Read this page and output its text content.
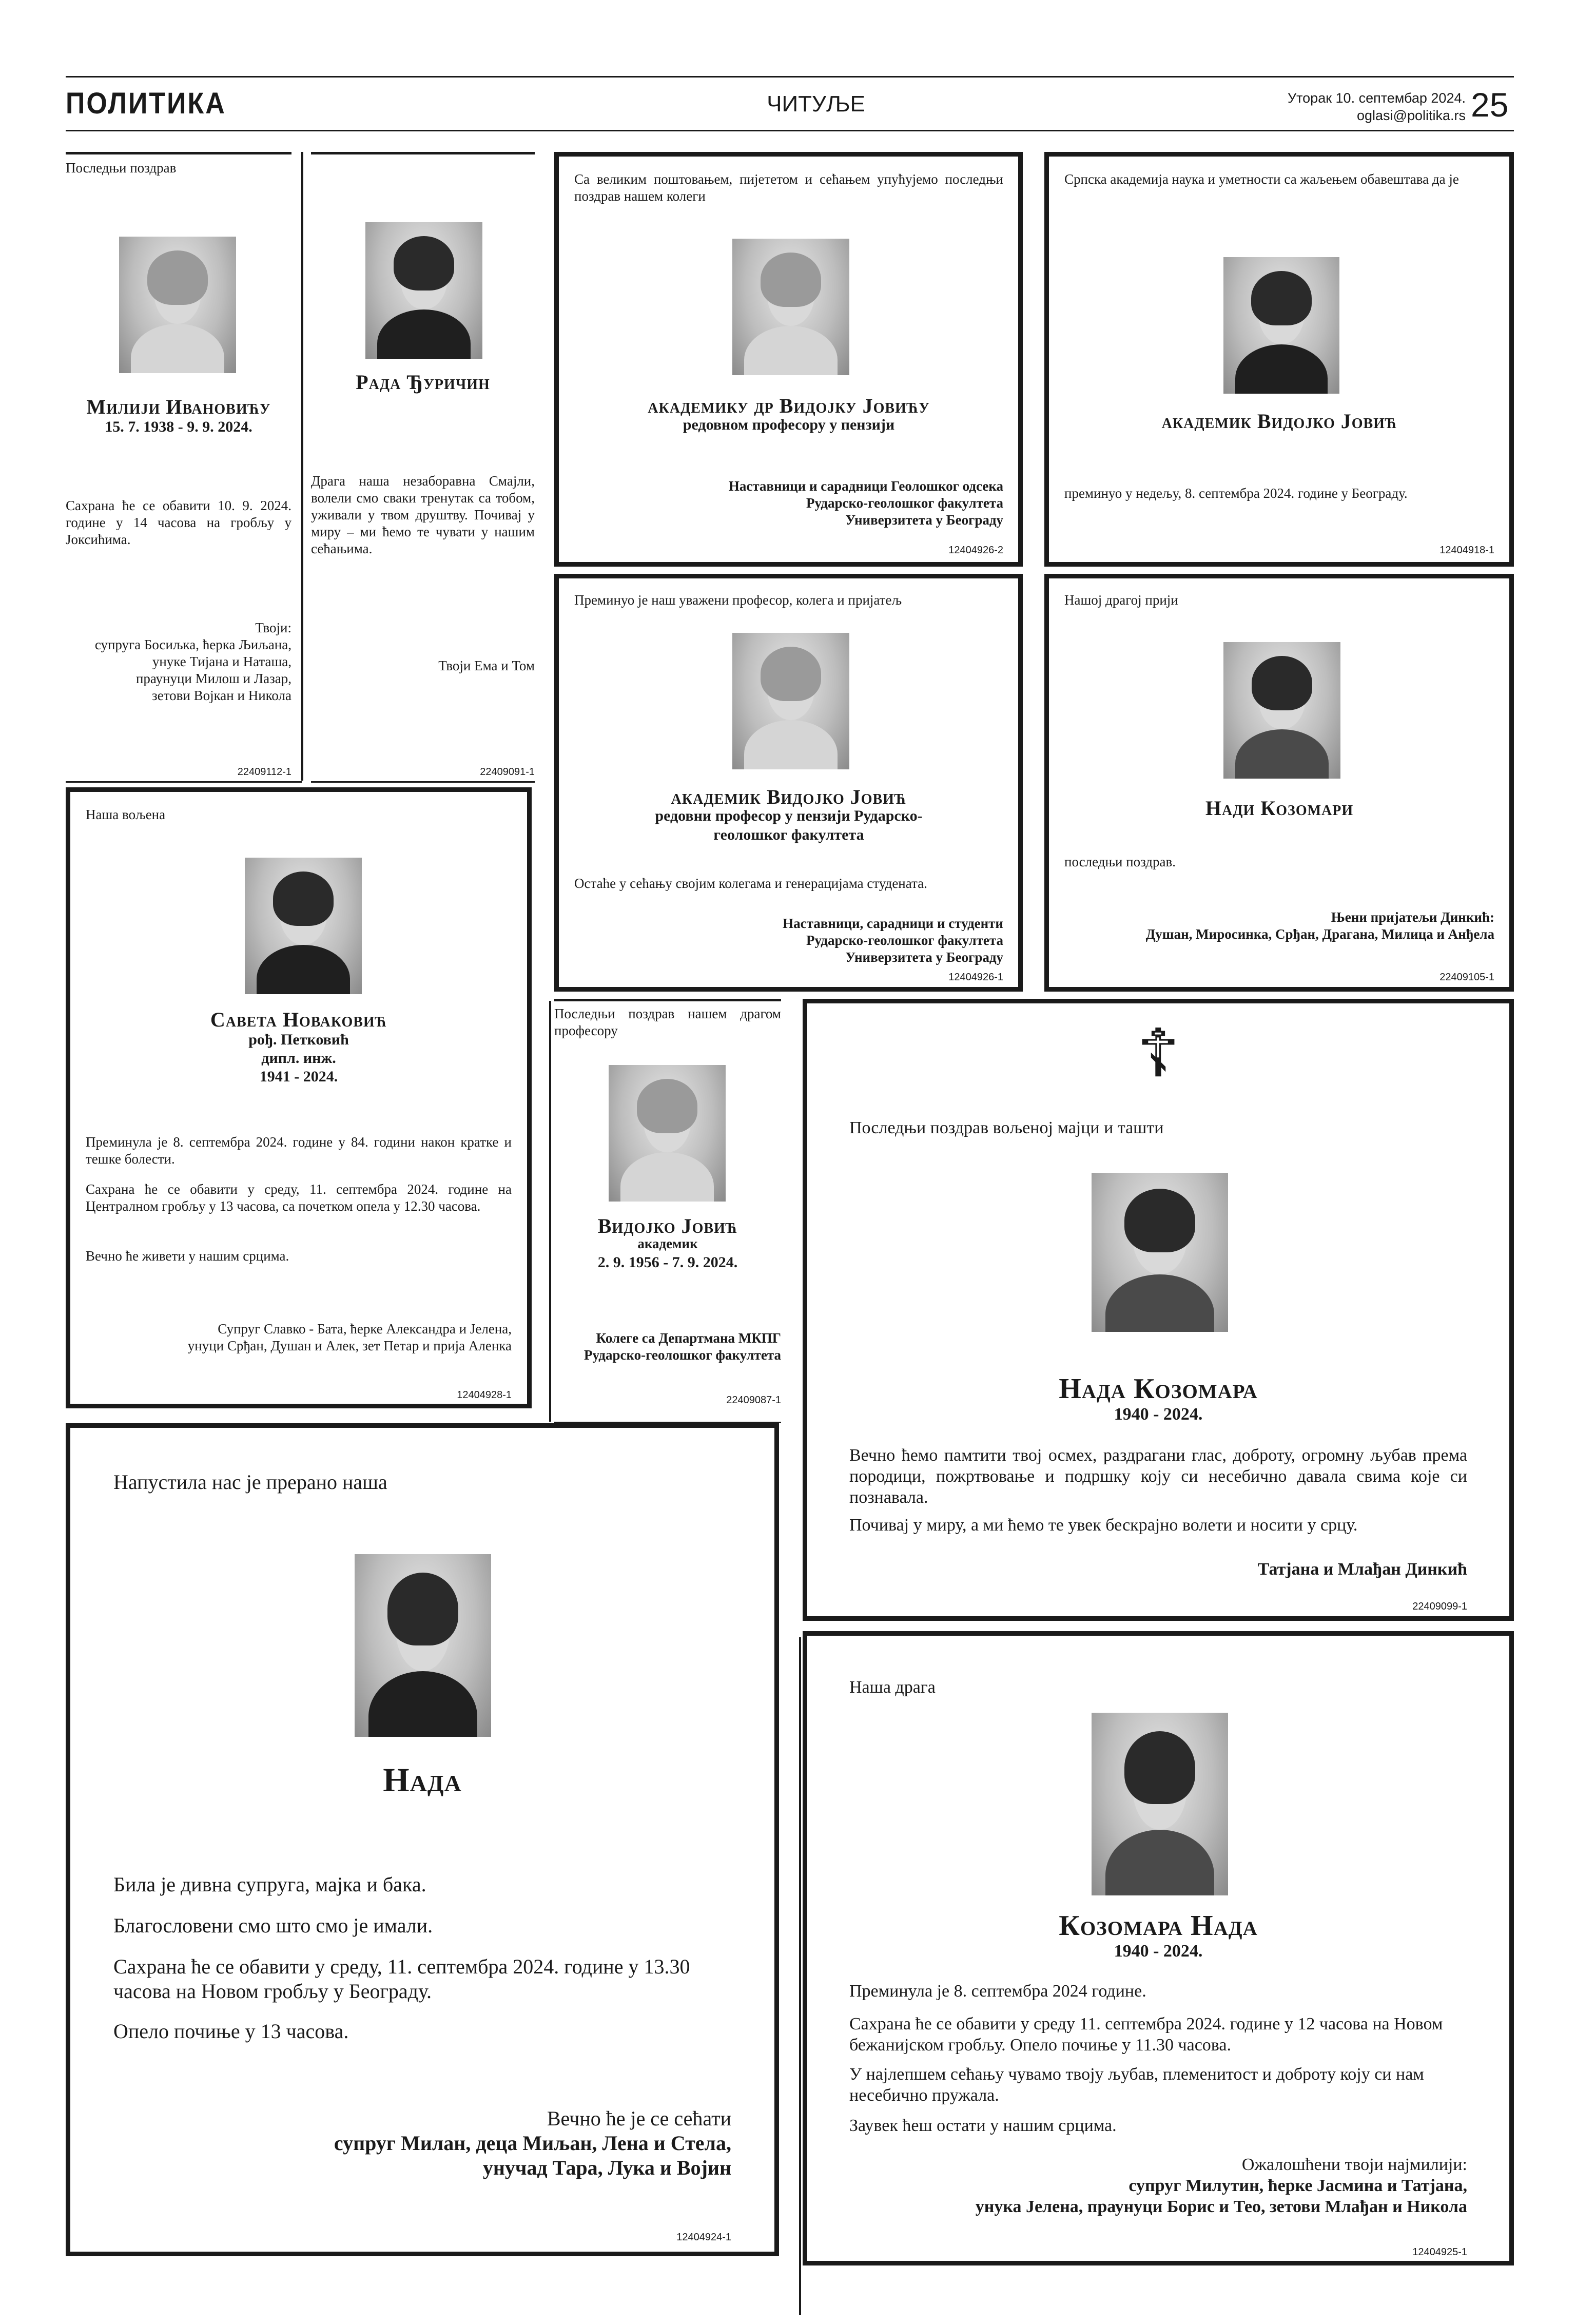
ПОЛИТИКА	ЧИТУЉЕ	Уторак 10. септембар 2024.
oglasi@politika.rs 25
Последњи поздрав
Милији Ивановићу
15. 7. 1938 - 9. 9. 2024.
Сахрана ће се обавити 10. 9. 2024. године у 14 часова на гробљу у Јоксићима.
Твоји:
супруга Босиљка, ћерка Љиљана,
унуке Тијана и Наташа,
праунуци Милош и Лазар,
зетови Војкан и Никола
22409112-1
Рада Ђуричин
Драга наша незаборавна Смајли, волели смо сваки тренутак са тобом, уживали у твом друштву. Почивај у миру – ми ћемо те чувати у нашим сећањима.
Твоји Ема и Том
22409091-1
Са великим поштовањем, пијететом и сећањем упућујемо последњи поздрав нашем колеги
академику др Видојку Јовићу
редовном професору у пензији
Наставници и сарадници Геолошког одсека
Рударско-геолошког факултета
Универзитета у Београду
12404926-2
Српска академија наука и уметности са жаљењем обавештава да је
академик Видојко Јовић
преминуо у недељу, 8. септембра 2024. године у Београду.
12404918-1
Преминуо је наш уважени професор, колега и пријатељ
академик Видојко Јовић
редовни професор у пензији Рударско-геолошког факултета
Остаће у сећању својим колегама и генерацијама студената.
Наставници, сарадници и студенти
Рударско-геолошког факултета
Универзитета у Београду
12404926-1
Нашој драгој прији
Нади Козомари
последњи поздрав.
Њени пријатељи Динкић:
Душан, Миросинка, Срђан, Драгана, Милица и Анђела
22409105-1
Наша вољена
Савета Новаковић
рођ. Петковић
дипл. инж.
1941 - 2024.
Преминула је 8. септембра 2024. године у 84. години након кратке и тешке болести.
Сахрана ће се обавити у среду, 11. септембра 2024. године на Централном гробљу у 13 часова, са почетком опела у 12.30 часова.
Вечно ће живети у нашим срцима.
Супруг Славко - Бата, ћерке Александра и Јелена,
унуци Срђан, Душан и Алек, зет Петар и прија Аленка
12404928-1
Последњи поздрав нашем драгом професору
Видојко Јовић
академик
2. 9. 1956 - 7. 9. 2024.
Колеге са Департмана МКПГ
Рударско-геолошког факултета
22409087-1
☦
Последњи поздрав вољеној мајци и ташти
Нада Козомара
1940 - 2024.
Вечно ћемо памтити твој осмех, раздрагани глас, доброту, огромну љубав према породици, пожртвовање и подршку коју си несебично давала свима које си познавала.
Почивај у миру, а ми ћемо те увек бескрајно волети и носити у срцу.
Татјана и Млађан Динкић
22409099-1
Напустила нас је прерано наша
Нада
Била је дивна супруга, мајка и бака.
Благословени смо што смо је имали.
Сахрана ће се обавити у среду, 11. септембра 2024. године у 13.30 часова на Новом гробљу у Београду.
Опело почиње у 13 часова.
Вечно ће је се сећати
супруг Милан, деца Миљан, Лена и Стела,
унучад Тара, Лука и Војин
12404924-1
Наша драга
Козомара Нада
1940 - 2024.
Преминула је 8. септембра 2024 године.
Сахрана ће се обавити у среду 11. септембра 2024. године у 12 часова на Новом бежанијском гробљу. Опело почиње у 11.30 часова.
У најлепшем сећању чувамо твоју љубав, племенитост и доброту коју си нам несебично пружала.
Заувек ћеш остати у нашим срцима.
Ожалошћени твоји најмилији:
супруг Милутин, ћерке Јасмина и Татјана,
унука Јелена, праунуци Борис и Тео, зетови Млађан и Никола
12404925-1
